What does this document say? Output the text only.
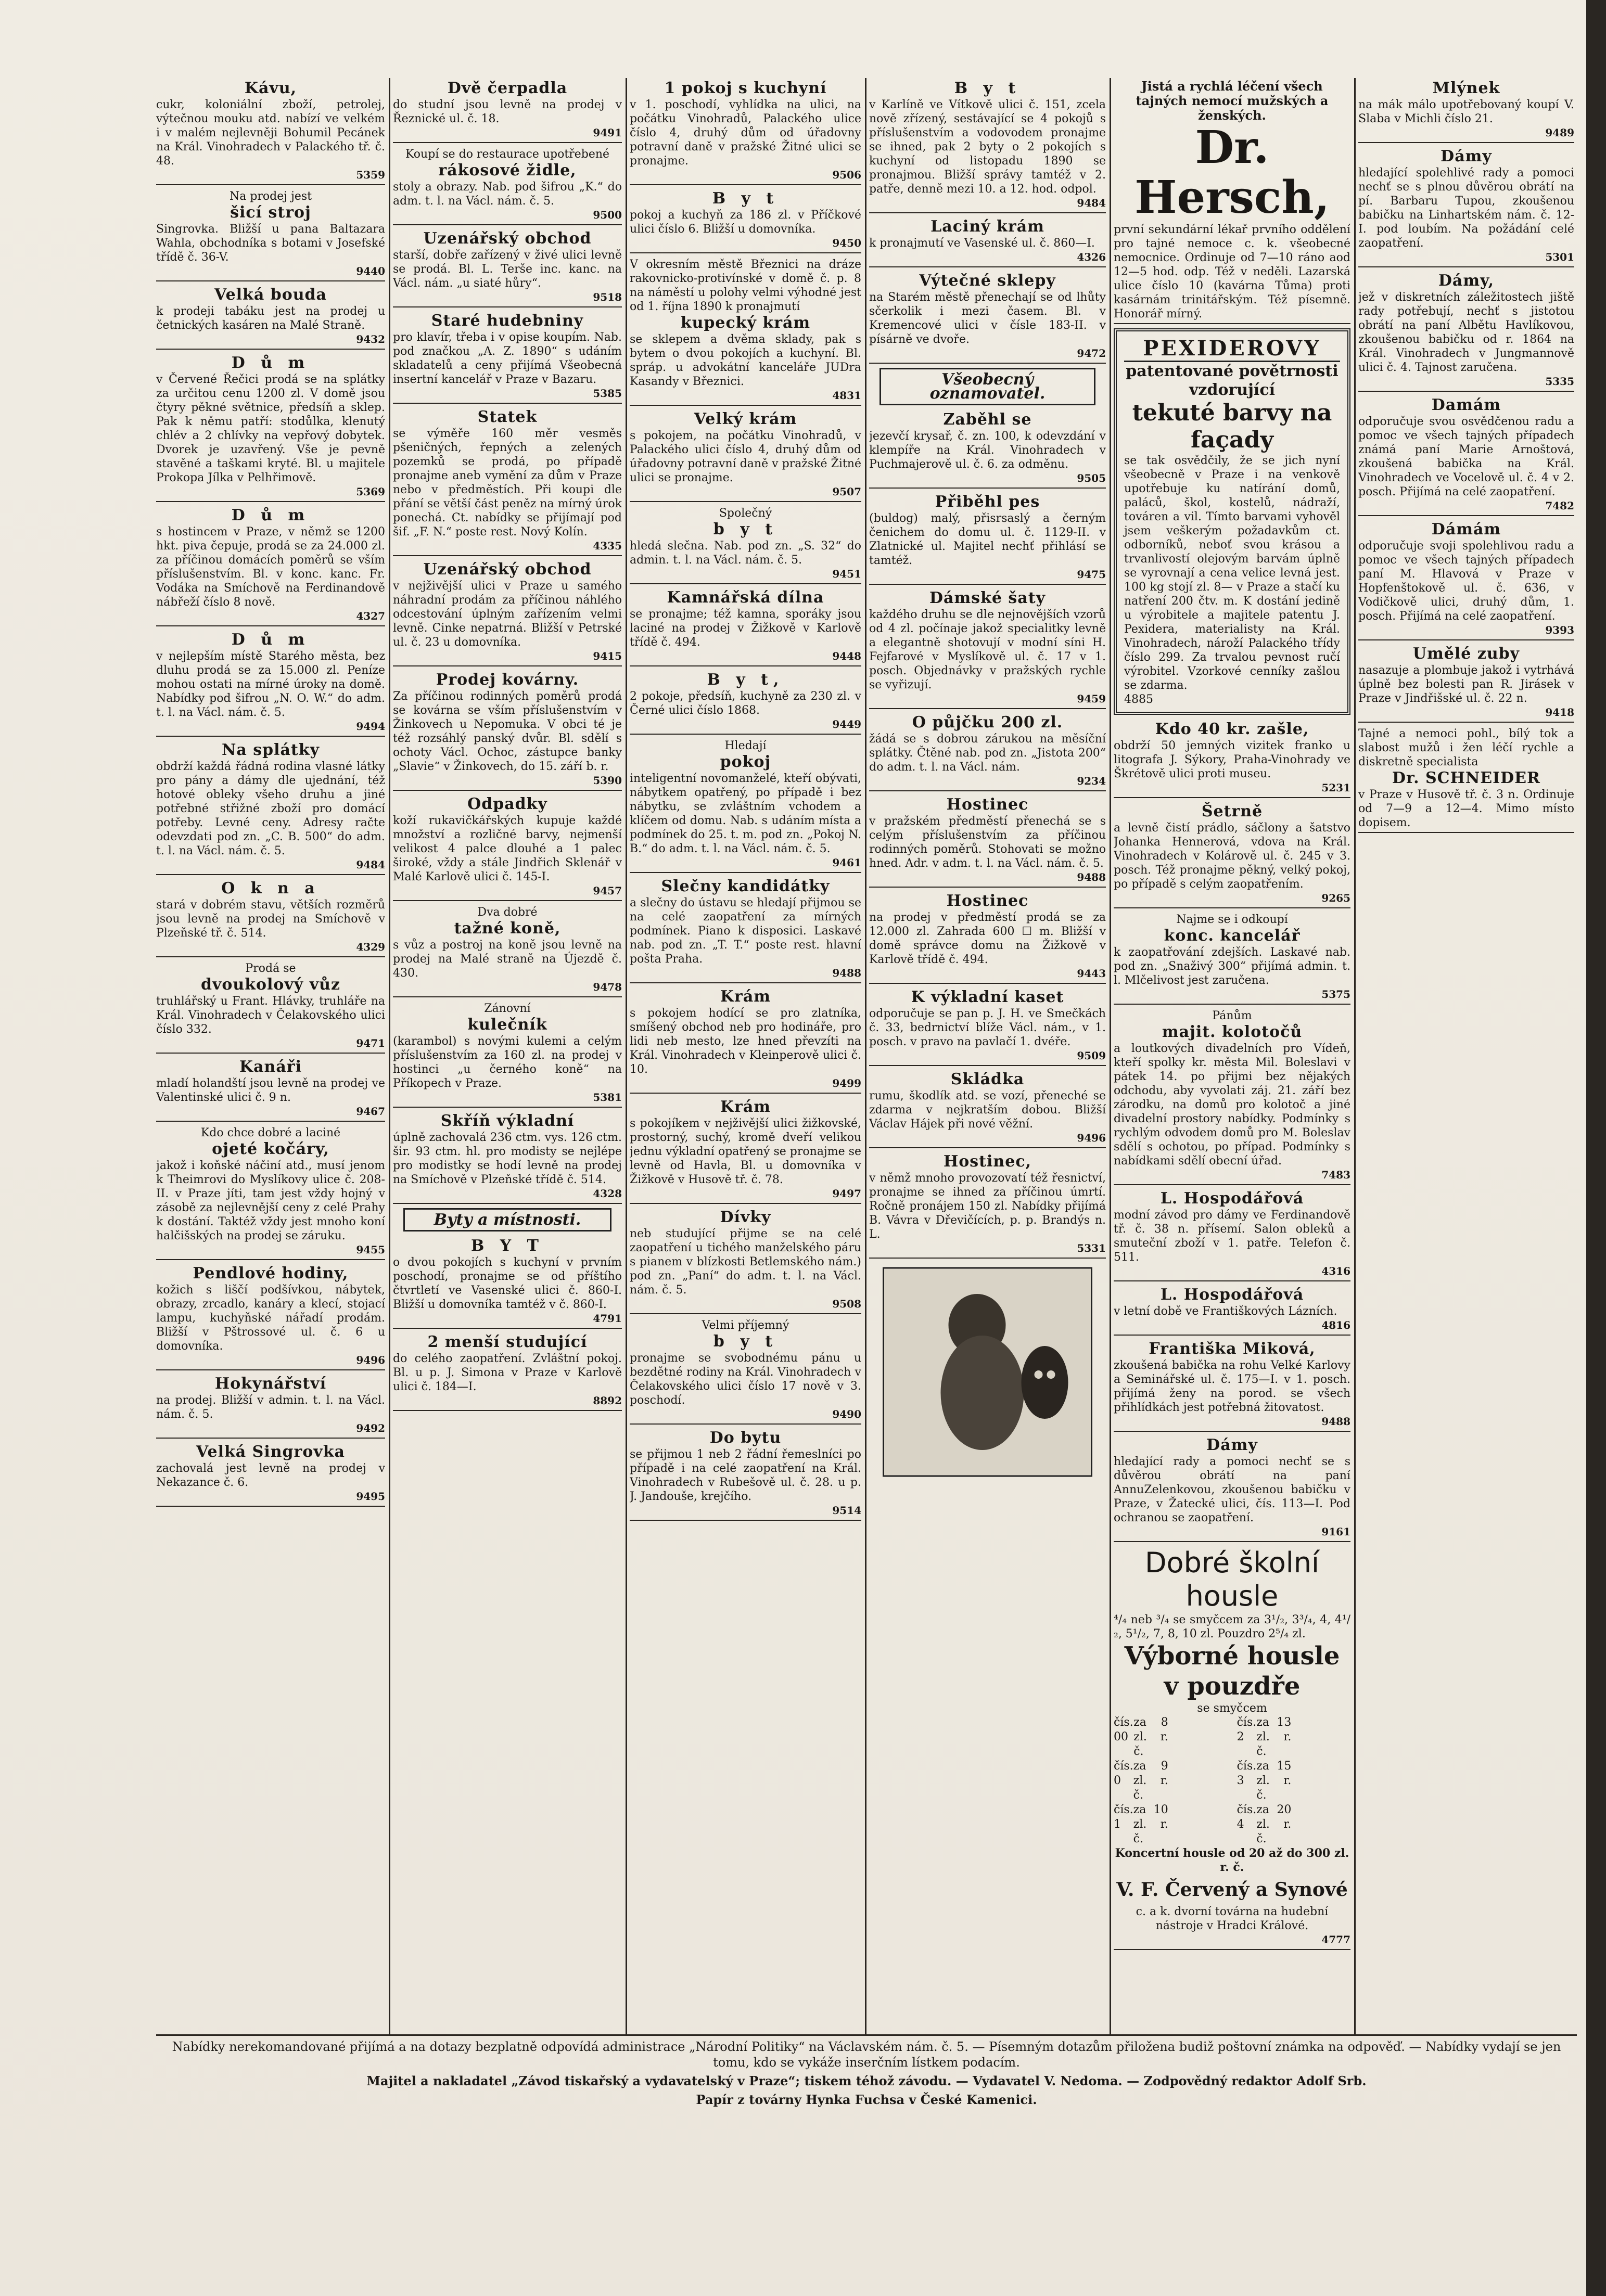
Kávu,
cukr, koloniální zboží, petrolej, výtečnou mouku atd. nabízí ve velkém i v malém nejlevněji Bohumil Pecánek na Král. Vinohradech v Palackého tř. č. 48.
5359
Na prodej jest
šicí stroj
Singrovka. Bližší u pana Baltazara Wahla, obchodníka s botami v Josefské třídě č. 36-V.
9440
Velká bouda
k prodeji tabáku jest na prodej u četnických kasáren na Malé Straně.
9432
D ů m
v Červené Řečici prodá se na splátky za určitou cenu 1200 zl. V domě jsou čtyry pěkné světnice, předsíň a sklep. Pak k němu patří: stodůlka, klenutý chlév a 2 chlívky na vepřový dobytek. Dvorek je uzavřený. Vše je pevně stavěné a taškami kryté. Bl. u majitele Prokopa Jílka v Pelhřimově.
5369
D ů m
s hostincem v Praze, v němž se 1200 hkt. piva čepuje, prodá se za 24.000 zl. za příčinou domácích poměrů se vším příslušenstvím. Bl. v konc. kanc. Fr. Vodáka na Smíchově na Ferdinandově nábřeží číslo 8 nově.
4327
D ů m
v nejlepším místě Starého města, bez dluhu prodá se za 15.000 zl. Peníze mohou ostati na mírné úroky na domě. Nabídky pod šifrou „N. O. W.“ do adm. t. l. na Václ. nám. č. 5.
9494
Na splátky
obdrží každá řádná rodina vlasné látky pro pány a dámy dle ujednání, též hotové obleky všeho druhu a jiné potřebné střižné zboží pro domácí potřeby. Levné ceny. Adresy račte odevzdati pod zn. „C. B. 500“ do adm. t. l. na Václ. nám. č. 5.
9484
O k n a
stará v dobrém stavu, větších rozměrů jsou levně na prodej na Smíchově v Plzeňské tř. č. 514.
4329
Prodá se
dvoukolový vůz
truhlářský u Frant. Hlávky, truhláře na Král. Vinohradech v Čelakovského ulici číslo 332.
9471
Kanáři
mladí holandští jsou levně na prodej ve Valentinské ulici č. 9 n.
9467
Kdo chce dobré a laciné
ojeté kočáry,
jakož i koňské náčiní atd., musí jenom k Theimrovi do Myslíkovy ulice č. 208-II. v Praze jíti, tam jest vždy hojný v zásobě za nejlevnější ceny z celé Prahy k dostání. Taktéž vždy jest mnoho koní halčišských na prodej se záruku.
9455
Pendlové hodiny,
kožich s liščí podšívkou, nábytek, obrazy, zrcadlo, kanáry a klecí, stojací lampu, kuchyňské nářadí prodám. Bližší v Pštrossové ul. č. 6 u domovníka.
9496
Hokynářství
na prodej. Bližší v admin. t. l. na Václ. nám. č. 5.
9492
Velká Singrovka
zachovalá jest levně na prodej v Nekazance č. 6.
9495
Dvě čerpadla
do studní jsou levně na prodej v Řeznické ul. č. 18.
9491
Koupí se do restaurace upotřebené
rákosové židle,
stoly a obrazy. Nab. pod šifrou „K.“ do adm. t. l. na Václ. nám. č. 5.
9500
Uzenářský obchod
starší, dobře zařízený v živé ulici levně se prodá. Bl. L. Terše inc. kanc. na Václ. nám. „u siaté hůry“.
9518
Staré hudebniny
pro klavír, třeba i v opise koupím. Nab. pod značkou „A. Z. 1890“ s udáním skladatelů a ceny přijímá Všeobecná insertní kancelář v Praze v Bazaru.
5385
Statek
se výměře 160 měr vesměs pšeničných, řepných a zelených pozemků se prodá, po případě pronajme aneb vymění za dům v Praze nebo v předměstích. Při koupi dle přání se větší část peněz na mírný úrok ponechá. Ct. nabídky se přijímají pod šif. „F. N.“ poste rest. Nový Kolín.
4335
Uzenářský obchod
v nejživější ulici v Praze u samého náhradní prodám za příčinou náhlého odcestování úplným zařízením velmi levně. Cinke nepatrná. Bližší v Petrské ul. č. 23 u domovníka.
9415
Prodej kovárny.
Za příčinou rodinných poměrů prodá se kovárna se vším příslušenstvím v Žinkovech u Nepomuka. V obci té je též rozsáhlý panský dvůr. Bl. sdělí s ochoty Václ. Ochoc, zástupce banky „Slavie“ v Žinkovech, do 15. září b. r.
5390
Odpadky
koží rukavičkářských kupuje každé množství a rozličné barvy, nejmenší velikost 4 palce dlouhé a 1 palec široké, vždy a stále Jindřich Sklenář v Malé Karlově ulici č. 145-I.
9457
Dva dobré
tažné koně,
s vůz a postroj na koně jsou levně na prodej na Malé straně na Újezdě č. 430.
9478
Zánovní
kulečník
(karambol) s novými kulemi a celým příslušenstvím za 160 zl. na prodej v hostinci „u černého koně“ na Příkopech v Praze.
5381
Skříň výkladní
úplně zachovalá 236 ctm. vys. 126 ctm. šir. 93 ctm. hl. pro modisty se nejlépe pro modistky se hodí levně na prodej na Smíchově v Plzeňské třídě č. 514.
4328
Byty a místnosti.
B Y T
o dvou pokojích s kuchyní v prvním poschodí, pronajme se od příštího čtvrtletí ve Vasenské ulici č. 860-I. Bližší u domovníka tamtéž v č. 860-I.
4791
2 menší studující
do celého zaopatření. Zvláštní pokoj. Bl. u p. J. Simona v Praze v Karlově ulici č. 184—I.
8892
1 pokoj s kuchyní
v 1. poschodí, vyhlídka na ulici, na počátku Vinohradů, Palackého ulice číslo 4, druhý dům od úřadovny potravní daně v pražské Žitné ulici se pronajme.
9506
B y t
pokoj a kuchyň za 186 zl. v Příčkové ulici číslo 6. Bližší u domovníka.
9450
V okresním městě Březnici na dráze rakovnicko-protivínské v domě č. p. 8 na náměstí u polohy velmi výhodné jest od 1. října 1890 k pronajmutí
kupecký krám
se sklepem a dvěma sklady, pak s bytem o dvou pokojích a kuchyní. Bl. spráp. u advokátní kanceláře JUDra Kasandy v Březnici.
4831
Velký krám
s pokojem, na počátku Vinohradů, v Palackého ulici číslo 4, druhý dům od úřadovny potravní daně v pražské Žitné ulici se pronajme.
9507
Společný
b y t
hledá slečna. Nab. pod zn. „S. 32“ do admin. t. l. na Václ. nám. č. 5.
9451
Kamnářská dílna
se pronajme; též kamna, sporáky jsou laciné na prodej v Žižkově v Karlově třídě č. 494.
9448
B y t,
2 pokoje, předsíň, kuchyně za 230 zl. v Černé ulici číslo 1868.
9449
Hledají
pokoj
inteligentní novomanželé, kteří obývati, nábytkem opatřený, po případě i bez nábytku, se zvláštním vchodem a klíčem od domu. Nab. s udáním místa a podmínek do 25. t. m. pod zn. „Pokoj N. B.“ do adm. t. l. na Václ. nám. č. 5.
9461
Slečny kandidátky
a slečny do ústavu se hledají přijmou se na celé zaopatření za mírných podmínek. Piano k disposici. Laskavé nab. pod zn. „T. T.“ poste rest. hlavní pošta Praha.
9488
Krám
s pokojem hodící se pro zlatníka, smíšený obchod neb pro hodináře, pro lidi neb mesto, lze hned převzíti na Král. Vinohradech v Kleinperově ulici č. 10.
9499
Krám
s pokojíkem v nejživější ulici žižkovské, prostorný, suchý, kromě dveří velikou jednu výkladní opatřený se pronajme se levně od Havla, Bl. u domovníka v Žižkově v Husově tř. č. 78.
9497
Dívky
neb studující přijme se na celé zaopatření u tichého manželského páru s pianem v blízkosti Betlemského nám.) pod zn. „Paní“ do adm. t. l. na Václ. nám. č. 5.
9508
Velmi příjemný
b y t
pronajme se svobodnému pánu u bezdětné rodiny na Král. Vinohradech v Čelakovského ulici číslo 17 nově v 3. poschodí.
9490
Do bytu
se přijmou 1 neb 2 řádní řemeslníci po případě i na celé zaopatření na Král. Vinohradech v Rubešově ul. č. 28. u p. J. Jandouše, krejčího.
9514
B y t
v Karlíně ve Vítkově ulici č. 151, zcela nově zřízený, sestávající se 4 pokojů s příslušenstvím a vodovodem pronajme se ihned, pak 2 byty o 2 pokojích s kuchyní od listopadu 1890 se pronajmou. Bližší správy tamtéž v 2. patře, denně mezi 10. a 12. hod. odpol.
9484
Laciný krám
k pronajmutí ve Vasenské ul. č. 860—I.
4326
Výtečné sklepy
na Starém městě přenechají se od lhůty sčerkolik i mezi časem. Bl. v Kremencové ulici v čísle 183-II. v písárně ve dvoře.
9472
Všeobecný oznamovatel.
Zaběhl se
jezevčí krysař, č. zn. 100, k odevzdání v klempíře na Král. Vinohradech v Puchmajerově ul. č. 6. za odměnu.
9505
Přiběhl pes
(buldog) malý, přisrsaslý a černým čenichem do domu ul. č. 1129-II. v Zlatnické ul. Majitel nechť přihlásí se tamtéž.
9475
Dámské šaty
každého druhu se dle nejnovějších vzorů od 4 zl. počínaje jakož specialitky levně a elegantně shotovují v modní síni H. Fejfarové v Myslíkově ul. č. 17 v 1. posch. Objednávky v pražských rychle se vyřizují.
9459
O půjčku 200 zl.
žádá se s dobrou zárukou na měsíční splátky. Čtěné nab. pod zn. „Jistota 200“ do adm. t. l. na Václ. nám.
9234
Hostinec
v pražském předměstí přenechá se s celým příslušenstvím za příčinou rodinných poměrů. Stohovati se možno hned. Adr. v adm. t. l. na Václ. nám. č. 5.
9488
Hostinec
na prodej v předměstí prodá se za 12.000 zl. Zahrada 600 ☐ m. Bližší v domě správce domu na Žižkově v Karlově třídě č. 494.
9443
K výkladní kaset
odporučuje se pan p. J. H. ve Smečkách č. 33, bedrnictví blíže Václ. nám., v 1. posch. v pravo na pavlačí 1. dvéře.
9509
Skládka
rumu, škodlík atd. se vozí, přeneché se zdarma v nejkratším dobou. Bližší Václav Hájek při nové věžní.
9496
Hostinec,
v němž mnoho provozovatí též řesnictví, pronajme se ihned za příčinou úmrtí. Ročně pronájem 150 zl. Nabídky přijímá B. Vávra v Dřevičících, p. p. Brandýs n. L.
5331
Jistá a rychlá léčení všech tajných nemocí mužských a ženských.
Dr. Hersch,
první sekundární lékař prvního oddělení pro tajné nemoce c. k. všeobecné nemocnice. Ordinuje od 7—10 ráno aod 12—5 hod. odp. Též v neděli. Lazarská ulice číslo 10 (kavárna Tůma) proti kasárnám trinitářským. Též písemně. Honorář mírný.
PEXIDEROVY
patentované povětrnosti vzdorující
tekuté barvy na façady
se tak osvědčily, že se jich nyní všeobecně v Praze i na venkově upotřebuje ku natírání domů, paláců, škol, kostelů, nádraží, továren a vil. Tímto barvami vyhověl jsem veškerým požadavkům ct. odborníků, neboť svou krásou a trvanlivostí olejovým barvám úplně se vyrovnají a cena velice levná jest. 100 kg stojí zl. 8— v Praze a stačí ku natření 200 čtv. m. K dostání jedině u výrobitele a majitele patentu J. Pexidera, materialisty na Král. Vinohradech, nároží Palackého třídy číslo 299. Za trvalou pevnost ručí výrobitel. Vzorkové cenníky zašlou se zdarma.
4885
Kdo 40 kr. zašle,
obdrží 50 jemných vizitek franko u litografa J. Sýkory, Praha-Vinohrady ve Škrétově ulici proti museu.
5231
Šetrně
a levně čistí prádlo, sáčlony a šatstvo Johanka Hennerová, vdova na Král. Vinohradech v Kolárově ul. č. 245 v 3. posch. Též pronajme pěkný, velký pokoj, po případě s celým zaopatřením.
9265
Najme se i odkoupí
konc. kancelář
k zaopatřování zdejších. Laskavé nab. pod zn. „Snaživý 300“ přijímá admin. t. l. Mlčelivost jest zaručena.
5375
Pánům
majit. kolotočů
a loutkových divadelních pro Vídeň, kteří spolky kr. města Mil. Boleslavi v pátek 14. po přijmi bez nějakých odchodu, aby vyvolati záj. 21. září bez zárodku, na domů pro kolotoč a jiné divadelní prostory nabídky. Podmínky s rychlým odvodem domů pro M. Boleslav sdělí s ochotou, po případ. Podmínky s nabídkami sdělí obecní úřad.
7483
L. Hospodářová
modní závod pro dámy ve Ferdinandově tř. č. 38 n. přísemí. Salon obleků a smuteční zboží v 1. patře. Telefon č. 511.
4316
L. Hospodářová
v letní době ve Františkových Lázních.
4816
Františka Miková,
zkoušená babička na rohu Velké Karlovy a Seminářské ul. č. 175—I. v 1. posch. přijímá ženy na porod. se všech přihlídkách jest potřebná žitovatost.
9488
Dámy
hledající rady a pomoci nechť se s důvěrou obrátí na paní AnnuZelenkovou, zkoušenou babičku v Praze, v Žatecké ulici, čís. 113—I. Pod ochranou se zaopatření.
9161
Dobré školní housle
⁴/₄ neb ³/₄ se smyčcem za 3¹/₂, 3³/₄, 4, 4¹/₂, 5¹/₂, 7, 8, 10 zl. Pouzdro 2⁵/₄ zl.
Výborné housle v pouzdře
se smyčcem
čís. 00
za 8 zl. r. č.
čís. 0
za 9 zl. r. č.
čís. 1
za 10 zl. r. č.
čís. 2
za 13 zl. r. č.
čís. 3
za 15 zl. r. č.
čís. 4
za 20 zl. r. č.
Koncertní housle od 20 až do 300 zl. r. č.
V. F. Červený a Synové
c. a k. dvorní továrna na hudební nástroje v Hradci Králové.
4777
Mlýnek
na mák málo upotřebovaný koupí V. Slaba v Michli číslo 21.
9489
Dámy
hledající spolehlivé rady a pomoci nechť se s plnou důvěrou obrátí na pí. Barbaru Tupou, zkoušenou babičku na Linhartském nám. č. 12-I. pod loubím. Na požádání celé zaopatření.
5301
Dámy,
jež v diskretních záležitostech jiště rady potřebují, nechť s jistotou obrátí na paní Albětu Havlíkovou, zkoušenou babičku od r. 1864 na Král. Vinohradech v Jungmannově ulici č. 4. Tajnost zaručena.
5335
Damám
odporučuje svou osvědčenou radu a pomoc ve všech tajných případech známá paní Marie Arnoštová, zkoušená babička na Král. Vinohradech ve Vocelově ul. č. 4 v 2. posch. Přijímá na celé zaopatření.
7482
Dámám
odporučuje svoji spolehlivou radu a pomoc ve všech tajných případech paní M. Hlavová v Praze v Hopfenštokově ul. č. 636, v Vodičkově ulici, druhý dům, 1. posch. Přijímá na celé zaopatření.
9393
Umělé zuby
nasazuje a plombuje jakož i vytrhává úplně bez bolesti pan R. Jirásek v Praze v Jindřišské ul. č. 22 n.
9418
Tajné a nemoci pohl., bílý tok a slabost mužů i žen léčí rychle a diskretně specialista
Dr. SCHNEIDER
v Praze v Husově tř. č. 3 n. Ordinuje od 7—9 a 12—4. Mimo místo dopisem.

Nabídky nerekomandované přijímá a na dotazy bezplatně odpovídá administrace „Národní Politiky“ na Václavském nám. č. 5. — Písemným dotazům přiložena budiž poštovní známka na odpověď. — Nabídky vydají se jen tomu, kdo se vykáže inserčním lístkem podacím.

Majitel a nakladatel „Závod tiskařský a vydavatelský v Praze“; tiskem téhož závodu. — Vydavatel V. Nedoma. — Zodpovědný redaktor Adolf Srb.

Papír z továrny Hynka Fuchsa v České Kamenici.
